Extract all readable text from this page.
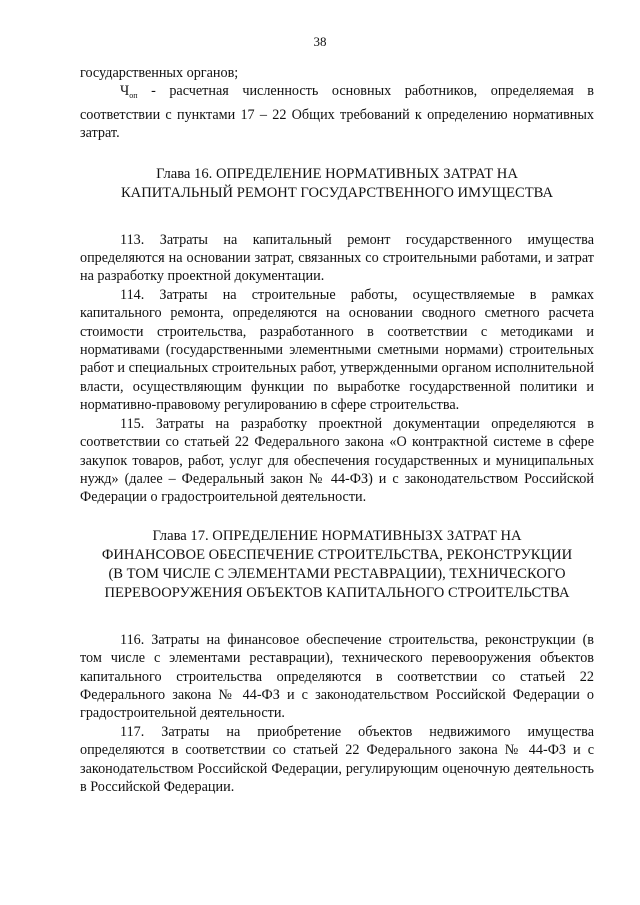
38

государственных органов;

$Ч_{оп}$ - расчетная численность основных работников, определяемая в соответствии с пунктами 17 – 22 Общих требований к определению нормативных затрат.

Глава 16. ОПРЕДЕЛЕНИЕ НОРМАТИВНЫХ ЗАТРАТ НА
КАПИТАЛЬНЫЙ РЕМОНТ ГОСУДАРСТВЕННОГО ИМУЩЕСТВА

113. Затраты на капитальный ремонт государственного имущества определяются на основании затрат, связанных со строительными работами, и затрат на разработку проектной документации.

114. Затраты на строительные работы, осуществляемые в рамках капитального ремонта, определяются на основании сводного сметного расчета стоимости строительства, разработанного в соответствии с методиками и нормативами (государственными элементными сметными нормами) строительных работ и специальных строительных работ, утвержденными органом исполнительной власти, осуществляющим функции по выработке государственной политики и нормативно-правовому регулированию в сфере строительства.

115. Затраты на разработку проектной документации определяются в соответствии со статьей 22 Федерального закона «О контрактной системе в сфере закупок товаров, работ, услуг для обеспечения государственных и муниципальных нужд» (далее – Федеральный закон № 44-ФЗ) и с законодательством Российской Федерации о градостроительной деятельности.

Глава 17. ОПРЕДЕЛЕНИЕ НОРМАТИВНЫЗХ ЗАТРАТ НА
ФИНАНСОВОЕ ОБЕСПЕЧЕНИЕ СТРОИТЕЛЬСТВА, РЕКОНСТРУКЦИИ
(В ТОМ ЧИСЛЕ С ЭЛЕМЕНТАМИ РЕСТАВРАЦИИ), ТЕХНИЧЕСКОГО
ПЕРЕВООРУЖЕНИЯ ОБЪЕКТОВ КАПИТАЛЬНОГО СТРОИТЕЛЬСТВА

116. Затраты на финансовое обеспечение строительства, реконструкции (в том числе с элементами реставрации), технического перевооружения объектов капитального строительства определяются в соответствии со статьей 22 Федерального закона № 44-ФЗ и с законодательством Российской Федерации о градостроительной деятельности.

117. Затраты на приобретение объектов недвижимого имущества определяются в соответствии со статьей 22 Федерального закона № 44-ФЗ и с законодательством Российской Федерации, регулирующим оценочную деятельность в Российской Федерации.
